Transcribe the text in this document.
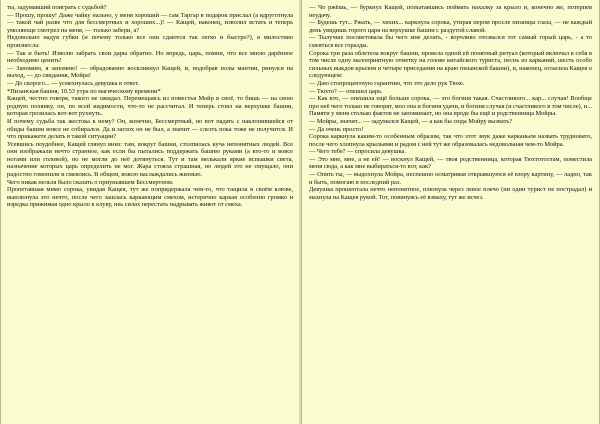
ты, задумавший поиграть с судьбой?

— Прошу, прошу! Даже чайку нально, у меня хороший — сам Таргар в подарок прислал (а вдруготнула — такой чай разве что для бессмертных и хороших...)! — Кащей, наконец, изволил встать и теперь умоляюще смотрел на меня, — только забери, а?

Недовольно надув губки (и почему только все они сдаются так легко и быстро?), я милостиво произнесла:

— Так и быть! Изволю забрать свои дары обратно. Но впредь, царь, помни, что все мною дарённое необходимо ценить!

— Запомню, я запомню! — обрадованно воскликнул Кащей, и, подобрав полы мантии, ринулся на выход, — до свидания, Мойра!

— До скорого... — усмехнулась девушка в ответ.

*Пизанская башня, 10.53 утра по магическому времени*

Кащей, честно говоря, такого не ожидал. Перемещаясь из поместья Мойр в своё, то бишь — на свою родную полянку, он, по всей видимости, что-то не рассчитал. И теперь стоял на верхушке башни, которая грозилась вот-вот рухнуть.

И почему судьба так жестока к нему? Он, конечно, Бессмертный, но вот падать с наклонившейся от обиды башни вовсе не собирался. Да и заглох он не был, а значит — слезть пока тоже не получится. И что прикажете делать в такой ситуации?

Усевшись поудобнее, Кащей глянул вниз: там, вокруг башни, столпилась куча непонятных людей. Все они изображали нечто странное, как если бы пытались поддержать башню руками (а кто-то и вовсе ногами или головой), но не могли до неё дотянуться. Тут и там мелькали яркие вспышки света, назначение которых царь определить не мог. Жара стояла страшная, но людей это не смущало, они радостно гомонили и смеялись. В общем, вовсю наслаждались жизнью.

Чего никак нельзя было сказать о приунывшем Бессмертном.

Пропетавшая мимо сорока, увидав Кащея, тут же попридержала чем-то, что тащила в своём клюве, выплюнула это нечто, после чего зашлась каркающим смехом, истерично каркая особенно громко и изредка прижимая одно крыло к клуву, неь силах перестать надрывать живот от смеха.

— Чо ржёшь, — буркнул Кащей, попытавшись поймать нахалку за крыло и, конечно же, потерпев неудачу.

— Будешь тут... Ржать, — хихих... каркнула сорока, утирая пером просле пизанцы глаза, — не каждый день увидишь горого царя на верхушке башни с раздутой славой.

— Тылучше посоветовала бы чего мне делать, - ворчливо отозвался тот самый горый царь, - а то смеяться все горазды.

Сорока три раза облетела вокруг башни, провела одной ей понятный ритуал (который включал в себя в том числе одну малоприятную отметку на голове китайского туриста, песнь из карканий, шесть особо сильных выкдов крылом и четыре приседания на краю пизанской башни), и, наконец, огласила Кащея о следующем:

— Даю стопроцентную гарантию, что это дело рук Тюхе.

— Тюхто? — опешил царь.

— Как кто, — опешила ещё больше сорока, — это богиня такая. Счастливого... кар... случая! Вообще про неё чего только не говорят, мол она и богиня удачи, и богиня случая (и счастливого в том числе), и... Памяти у меня столько фактов не запоминает, но она вроде бы ещё и родственница Мойры.

— Мойры, значит... — задумался Кащей, — а как бы сюда Мойру вызвать?

— Да очень просто!

Сорока каркнула каким-то особенным образом, так что этот звук даже карканьем назвать трудновато, после чего хлопнула крыльями и радом с ней тут же образовалась недовольная чем-то Мойра.

— Чего тебе? — спросила девушка.

— Это мне, мне, а не ей! — воскнул Кащей, — твоя родственница, которая Тюхтотолтам, поместила меня сюда, а как мне выбираться-то вот, как?

— Опять ты, — выдохнула Мойра, неспешно осматривая открывшуюся её взору картину, — ладно, так и быть, помогаю в последний раз.

Девушка прошептала нечто непонятное, плюнула через левое плечо (ни один турист не пострадал) и махнула на Кащея рукой. Тот, повинуясь её взмаху, тут же исчез.
